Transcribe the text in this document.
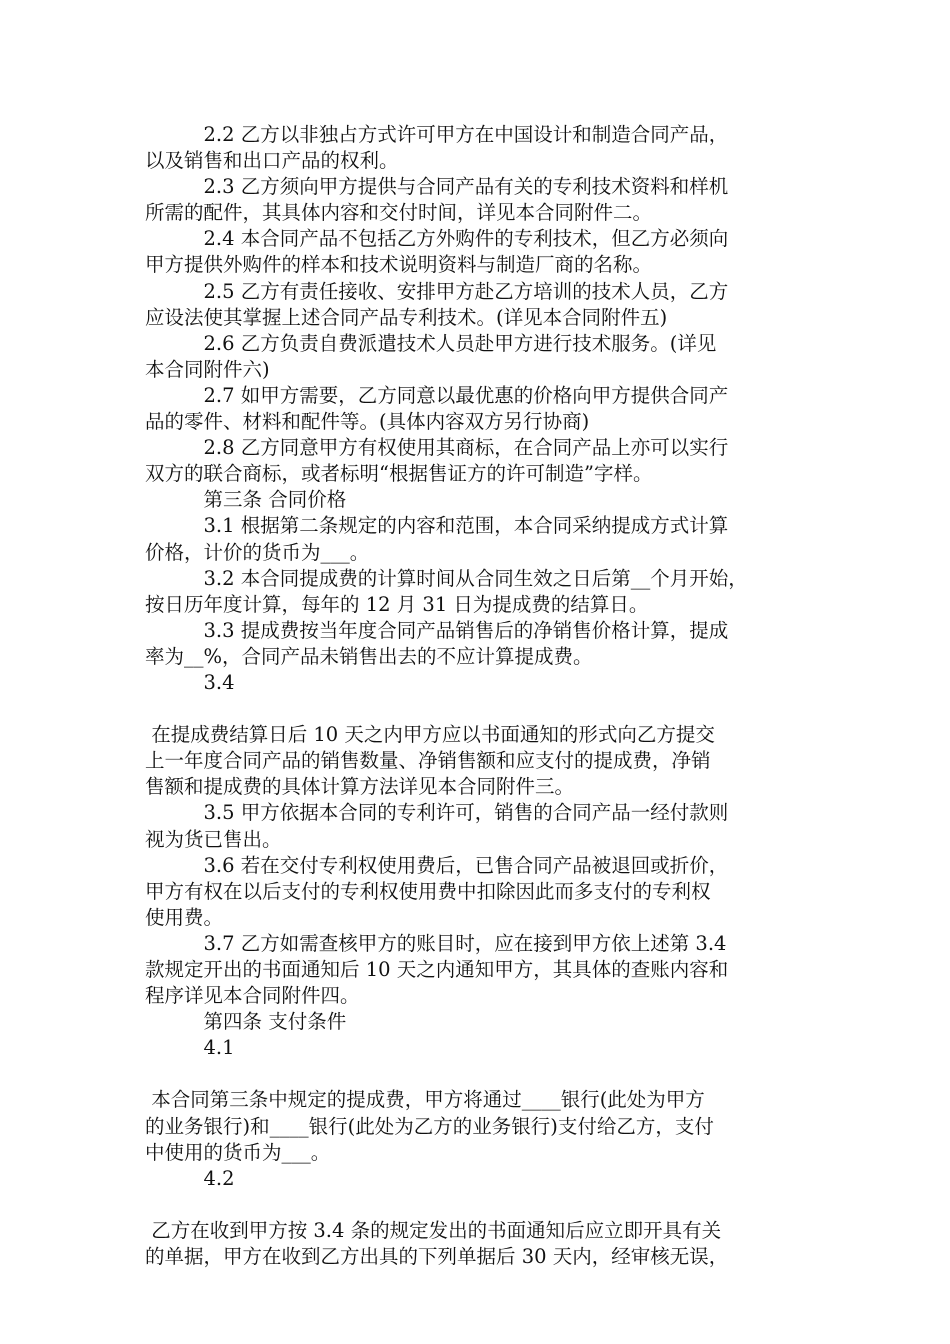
　　　2.2 乙方以非独占方式许可甲方在中国设计和制造合同产品，
以及销售和出口产品的权利。
　　　2.3 乙方须向甲方提供与合同产品有关的专利技术资料和样机
所需的配件，其具体内容和交付时间，详见本合同附件二。
　　　2.4 本合同产品不包括乙方外购件的专利技术，但乙方必须向
甲方提供外购件的样本和技术说明资料与制造厂商的名称。
　　　2.5 乙方有责任接收、安排甲方赴乙方培训的技术人员，乙方
应设法使其掌握上述合同产品专利技术。(详见本合同附件五)
　　　2.6 乙方负责自费派遣技术人员赴甲方进行技术服务。(详见
本合同附件六)
　　　2.7 如甲方需要，乙方同意以最优惠的价格向甲方提供合同产
品的零件、材料和配件等。(具体内容双方另行协商)
　　　2.8 乙方同意甲方有权使用其商标，在合同产品上亦可以实行
双方的联合商标，或者标明“根据售证方的许可制造”字样。
　　　第三条 合同价格
　　　3.1 根据第二条规定的内容和范围，本合同采纳提成方式计算
价格，计价的货币为___。
　　　3.2 本合同提成费的计算时间从合同生效之日后第__个月开始，
按日历年度计算，每年的 12 月 31 日为提成费的结算日。
　　　3.3 提成费按当年度合同产品销售后的净销售价格计算，提成
率为__%，合同产品未销售出去的不应计算提成费。
　　　3.4
在提成费结算日后 10 天之内甲方应以书面通知的形式向乙方提交
上一年度合同产品的销售数量、净销售额和应支付的提成费，净销
售额和提成费的具体计算方法详见本合同附件三。
　　　3.5 甲方依据本合同的专利许可，销售的合同产品一经付款则
视为货已售出。
　　　3.6 若在交付专利权使用费后，已售合同产品被退回或折价，
甲方有权在以后支付的专利权使用费中扣除因此而多支付的专利权
使用费。
　　　3.7 乙方如需查核甲方的账目时，应在接到甲方依上述第 3.4
款规定开出的书面通知后 10 天之内通知甲方，其具体的查账内容和
程序详见本合同附件四。
　　　第四条 支付条件
　　　4.1
本合同第三条中规定的提成费，甲方将通过____银行(此处为甲方
的业务银行)和____银行(此处为乙方的业务银行)支付给乙方，支付
中使用的货币为___。
　　　4.2
乙方在收到甲方按 3.4 条的规定发出的书面通知后应立即开具有关
的单据，甲方在收到乙方出具的下列单据后 30 天内，经审核无误，
